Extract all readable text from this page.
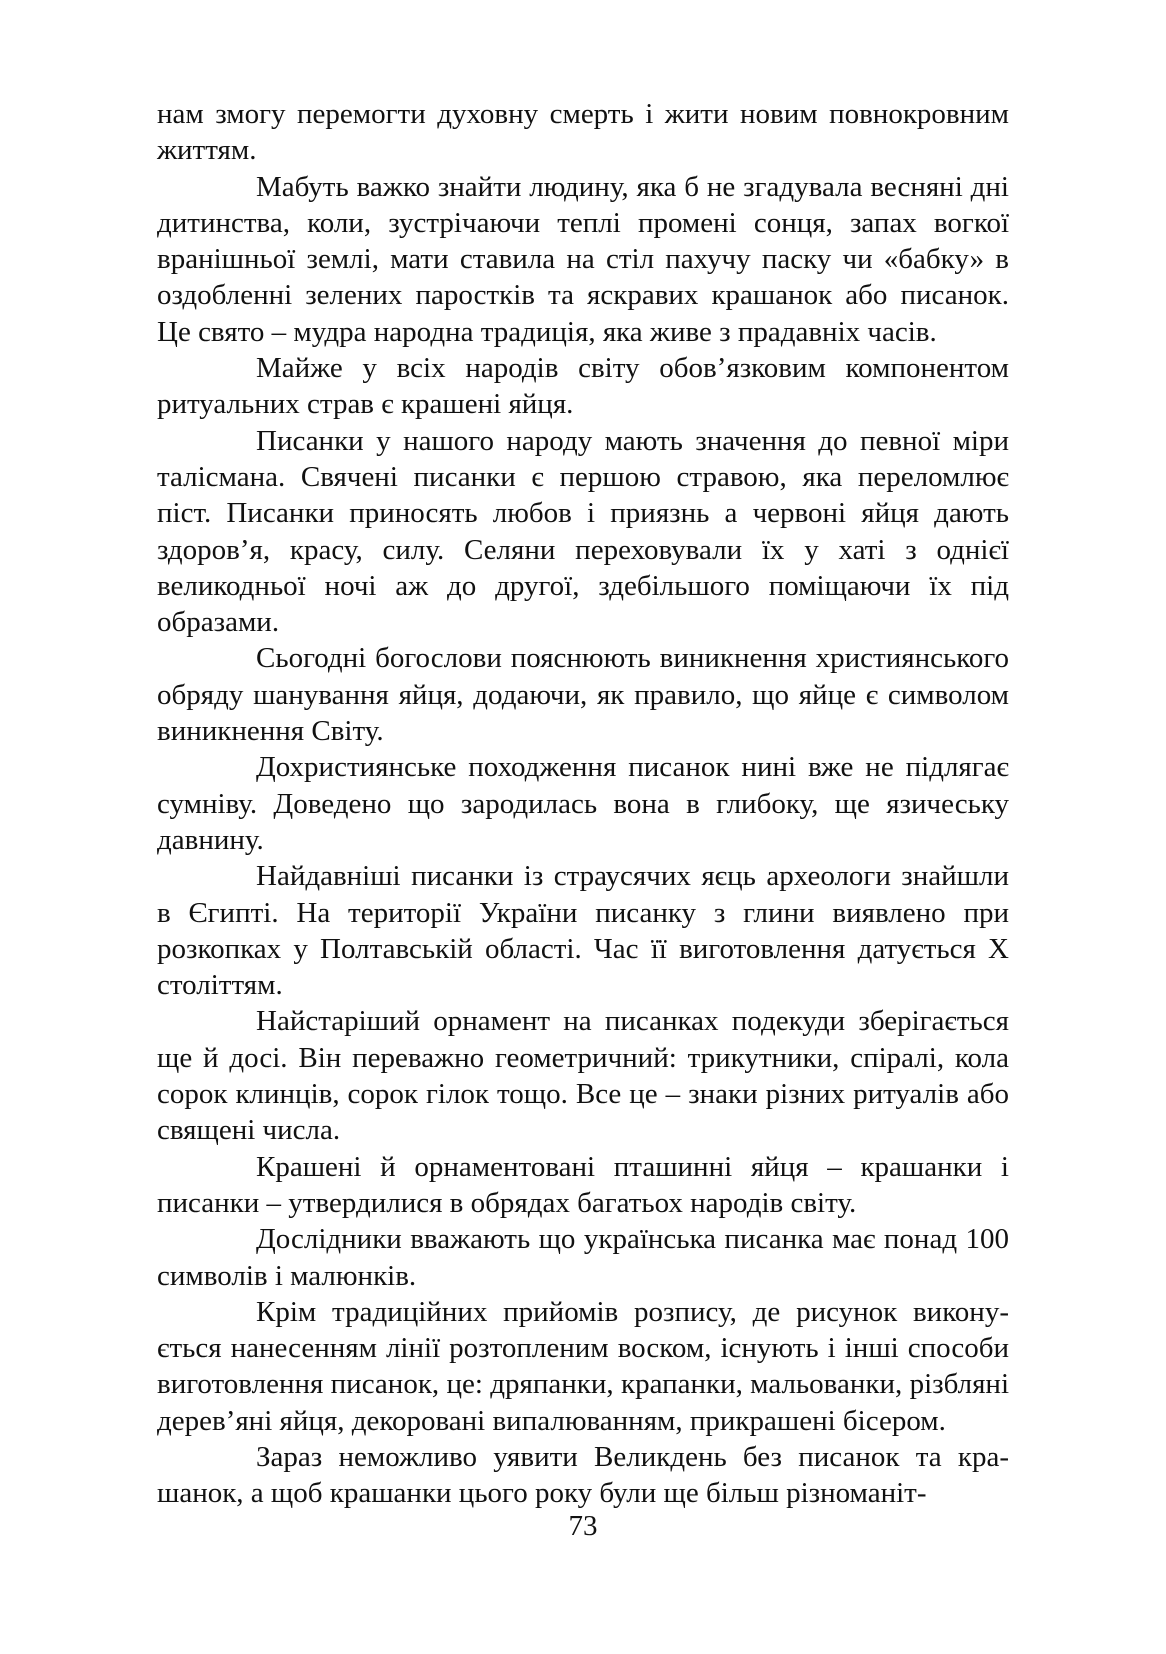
нам змогу перемогти духовну смерть і жити новим повнокровним життям.

Мабуть важко знайти людину, яка б не згадувала весняні дні дитинства, коли, зустрічаючи теплі промені сонця, запах вогкої вранішньої землі, мати ставила на стіл пахучу паску чи «бабку» в оздобленні зелених паростків та яскравих крашанок або писанок. Це свято – мудра народна традиція, яка живе з прадавніх часів.

Майже у всіх народів світу обов’язковим компонентом ритуальних страв є крашені яйця.

Писанки у нашого народу мають значення до певної міри талісмана. Свячені писанки є першою стравою, яка переломлює піст. Писанки приносять любов і приязнь а червоні яйця дають здоров’я, красу, силу. Селяни переховували їх у хаті з однієї великодньої ночі аж до другої, здебільшого поміщаючи їх під образами.

Сьогодні богослови пояснюють виникнення християнського обряду шанування яйця, додаючи, як правило, що яйце є символом виникнення Світу.

Дохристиянське походження писанок нині вже не підлягає сумніву. Доведено що зародилась вона в глибоку, ще язичеську давнину.

Найдавніші писанки із страусячих яєць археологи знайшли в Єгипті. На території України писанку з глини виявлено при розкопках у Полтавській області. Час її виготовлення датується Х століттям.

Найстаріший орнамент на писанках подекуди зберігається ще й досі. Він переважно геометричний: трикутники, спіралі, кола сорок клинців, сорок гілок тощо. Все це – знаки різних ритуалів або священі числа.

Крашені й орнаментовані пташинні яйця – крашанки і писанки – утвердилися в обрядах багатьох народів світу.

Дослідники вважають що українська писанка має понад 100 символів і малюнків.

Крім традиційних прийомів розпису, де рисунок виконується нанесенням лінії розтопленим воском, існують і інші способи виготовлення писанок, це: дряпанки, крапанки, мальованки, різбляні дерев’яні яйця, декоровані випалюванням, прикрашені бісером.

Зараз неможливо уявити Великдень без писанок та крашанок, а щоб крашанки цього року були ще більш різноманіт-

73
